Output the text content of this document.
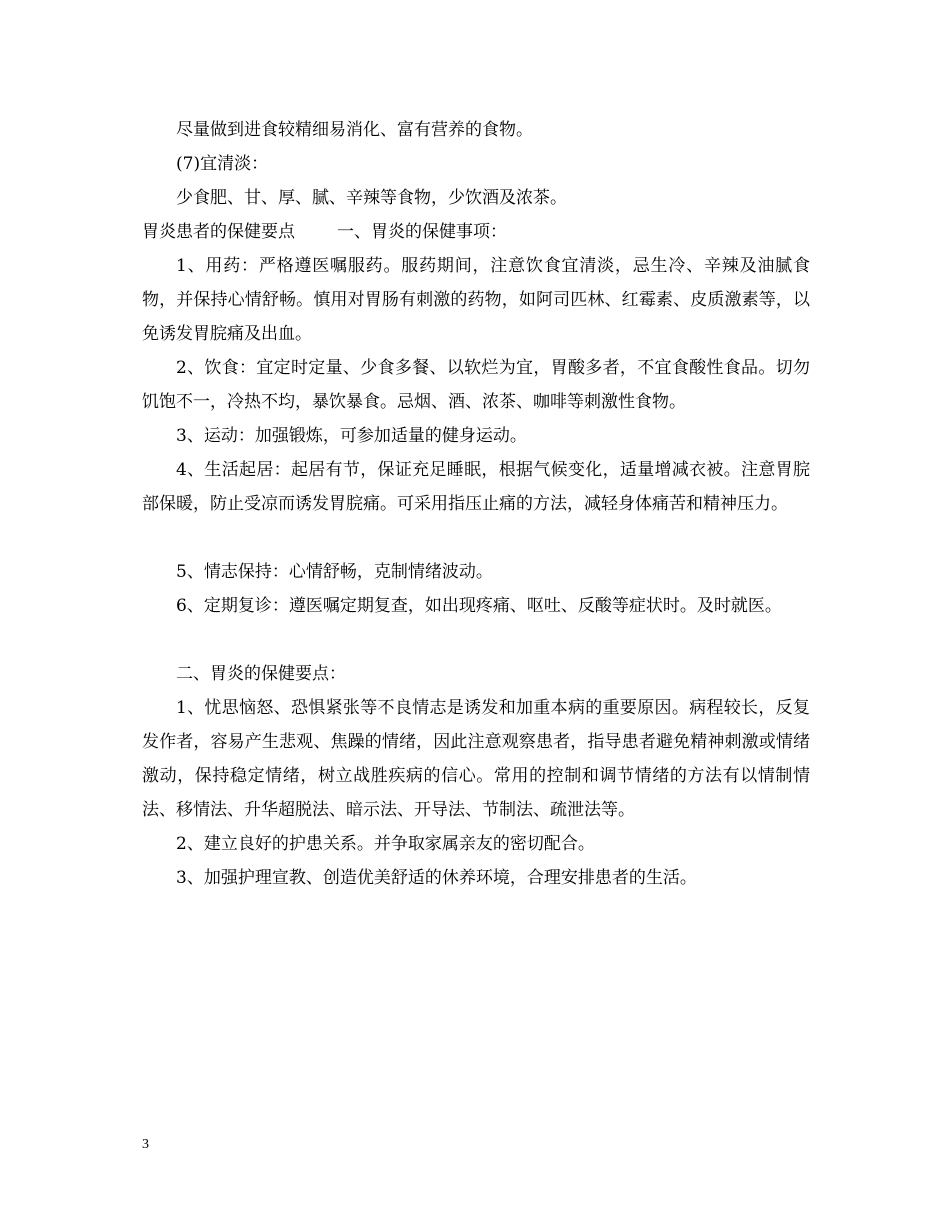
尽量做到进食较精细易消化、富有营养的食物。

(7)宜清淡：

少食肥、甘、厚、腻、辛辣等食物，少饮酒及浓茶。

胃炎患者的保健要点 一、胃炎的保健事项：

1、用药：严格遵医嘱服药。服药期间，注意饮食宜清淡，忌生冷、辛辣及油腻食物，并保持心情舒畅。慎用对胃肠有刺激的药物，如阿司匹林、红霉素、皮质激素等，以免诱发胃脘痛及出血。

2、饮食：宜定时定量、少食多餐、以软烂为宜，胃酸多者，不宜食酸性食品。切勿饥饱不一，冷热不均，暴饮暴食。忌烟、酒、浓茶、咖啡等刺激性食物。

3、运动：加强锻炼，可参加适量的健身运动。

4、生活起居：起居有节，保证充足睡眠，根据气候变化，适量增减衣被。注意胃脘部保暖，防止受凉而诱发胃脘痛。可采用指压止痛的方法，减轻身体痛苦和精神压力。

5、情志保持：心情舒畅，克制情绪波动。

6、定期复诊：遵医嘱定期复查，如出现疼痛、呕吐、反酸等症状时。及时就医。

二、胃炎的保健要点：

1、忧思恼怒、恐惧紧张等不良情志是诱发和加重本病的重要原因。病程较长，反复发作者，容易产生悲观、焦躁的情绪，因此注意观察患者，指导患者避免精神刺激或情绪激动，保持稳定情绪，树立战胜疾病的信心。常用的控制和调节情绪的方法有以情制情法、移情法、升华超脱法、暗示法、开导法、节制法、疏泄法等。

2、建立良好的护患关系。并争取家属亲友的密切配合。

3、加强护理宣教、创造优美舒适的休养环境，合理安排患者的生活。

3
